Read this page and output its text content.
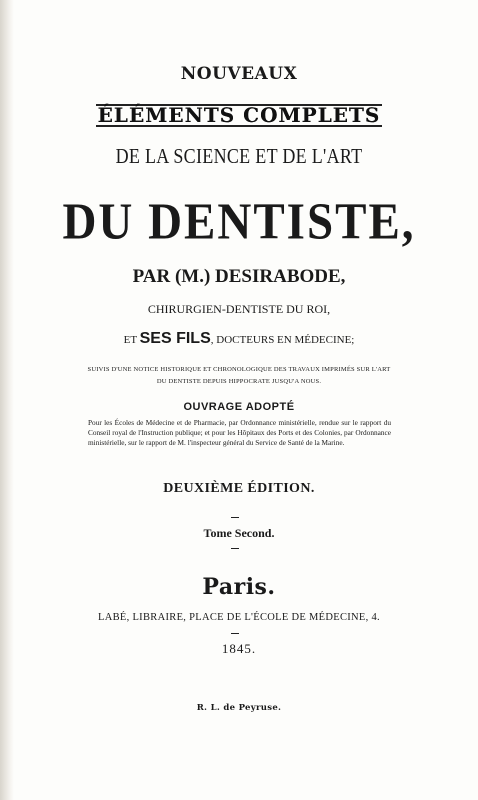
NOUVEAUX
ÉLÉMENTS COMPLETS
DE LA SCIENCE ET DE L'ART
DU DENTISTE,
PAR (M.) DESIRABODE,
CHIRURGIEN-DENTISTE DU ROI,
ET SES FILS, DOCTEURS EN MÉDECINE;
SUIVIS D'UNE NOTICE HISTORIQUE ET CHRONOLOGIQUE DES TRAVAUX IMPRIMÉS SUR L'ART
DU DENTISTE DEPUIS HIPPOCRATE JUSQU'A NOUS.
OUVRAGE ADOPTÉ
Pour les Écoles de Médecine et de Pharmacie, par Ordonnance ministérielle, rendue sur le rapport du Conseil royal de l'Instruction publique; et pour les Hôpitaux des Ports et des Colonies, par Ordonnance ministérielle, sur le rapport de M. l'inspecteur général du Service de Santé de la Marine.
DEUXIÈME ÉDITION.
Tome Second.
Paris.
LABÉ, LIBRAIRE, PLACE DE L'ÉCOLE DE MÉDECINE, 4.
1845.
R. L. de Peyruse.
